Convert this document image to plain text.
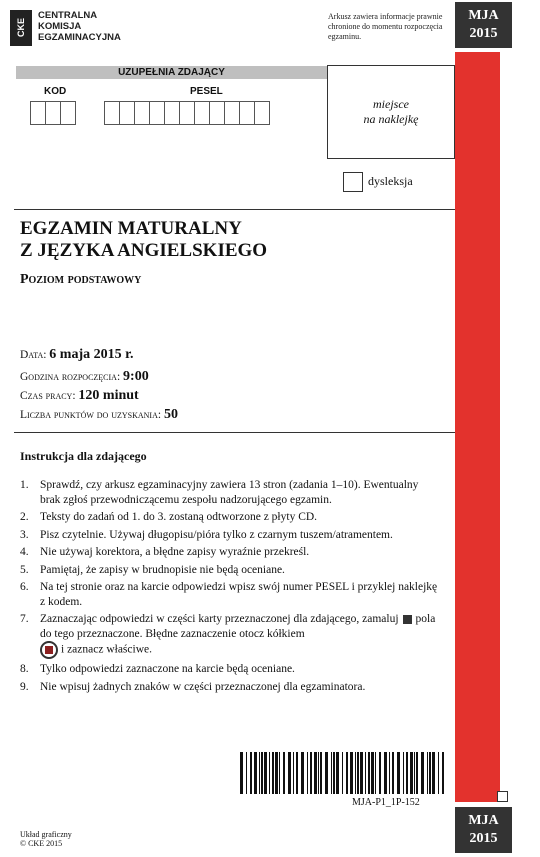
CKE
CENTRALNA
KOMISJA
EGZAMINACYJNA
Arkusz zawiera informacje prawnie chronione do momentu rozpoczęcia egzaminu.
MJA
2015
MJA
2015
UZUPEŁNIA ZDAJĄCY
KOD	PESEL
miejsce
na naklejkę
dysleksja
EGZAMIN MATURALNY
Z JĘZYKA ANGIELSKIEGO
Poziom podstawowy
Data: 6 maja 2015 r.
Godzina rozpoczęcia: 9:00
Czas pracy: 120 minut
Liczba punktów do uzyskania: 50
Instrukcja dla zdającego
1. Sprawdź, czy arkusz egzaminacyjny zawiera 13 stron (zadania 1–10). Ewentualny brak zgłoś przewodniczącemu zespołu nadzorującego egzamin.
2. Teksty do zadań od 1. do 3. zostaną odtworzone z płyty CD.
3. Pisz czytelnie. Używaj długopisu/pióra tylko z czarnym tuszem/atramentem.
4. Nie używaj korektora, a błędne zapisy wyraźnie przekreśl.
5. Pamiętaj, że zapisy w brudnopisie nie będą oceniane.
6. Na tej stronie oraz na karcie odpowiedzi wpisz swój numer PESEL i przyklej naklejkę z kodem.
7. Zaznaczając odpowiedzi w części karty przeznaczonej dla zdającego, zamaluj pola do tego przeznaczone. Błędne zaznaczenie otocz kółkiem
i zaznacz właściwe.
8. Tylko odpowiedzi zaznaczone na karcie będą oceniane.
9. Nie wpisuj żadnych znaków w części przeznaczonej dla egzaminatora.
MJA-P1_1P-152
Układ graficzny
© CKE 2015
